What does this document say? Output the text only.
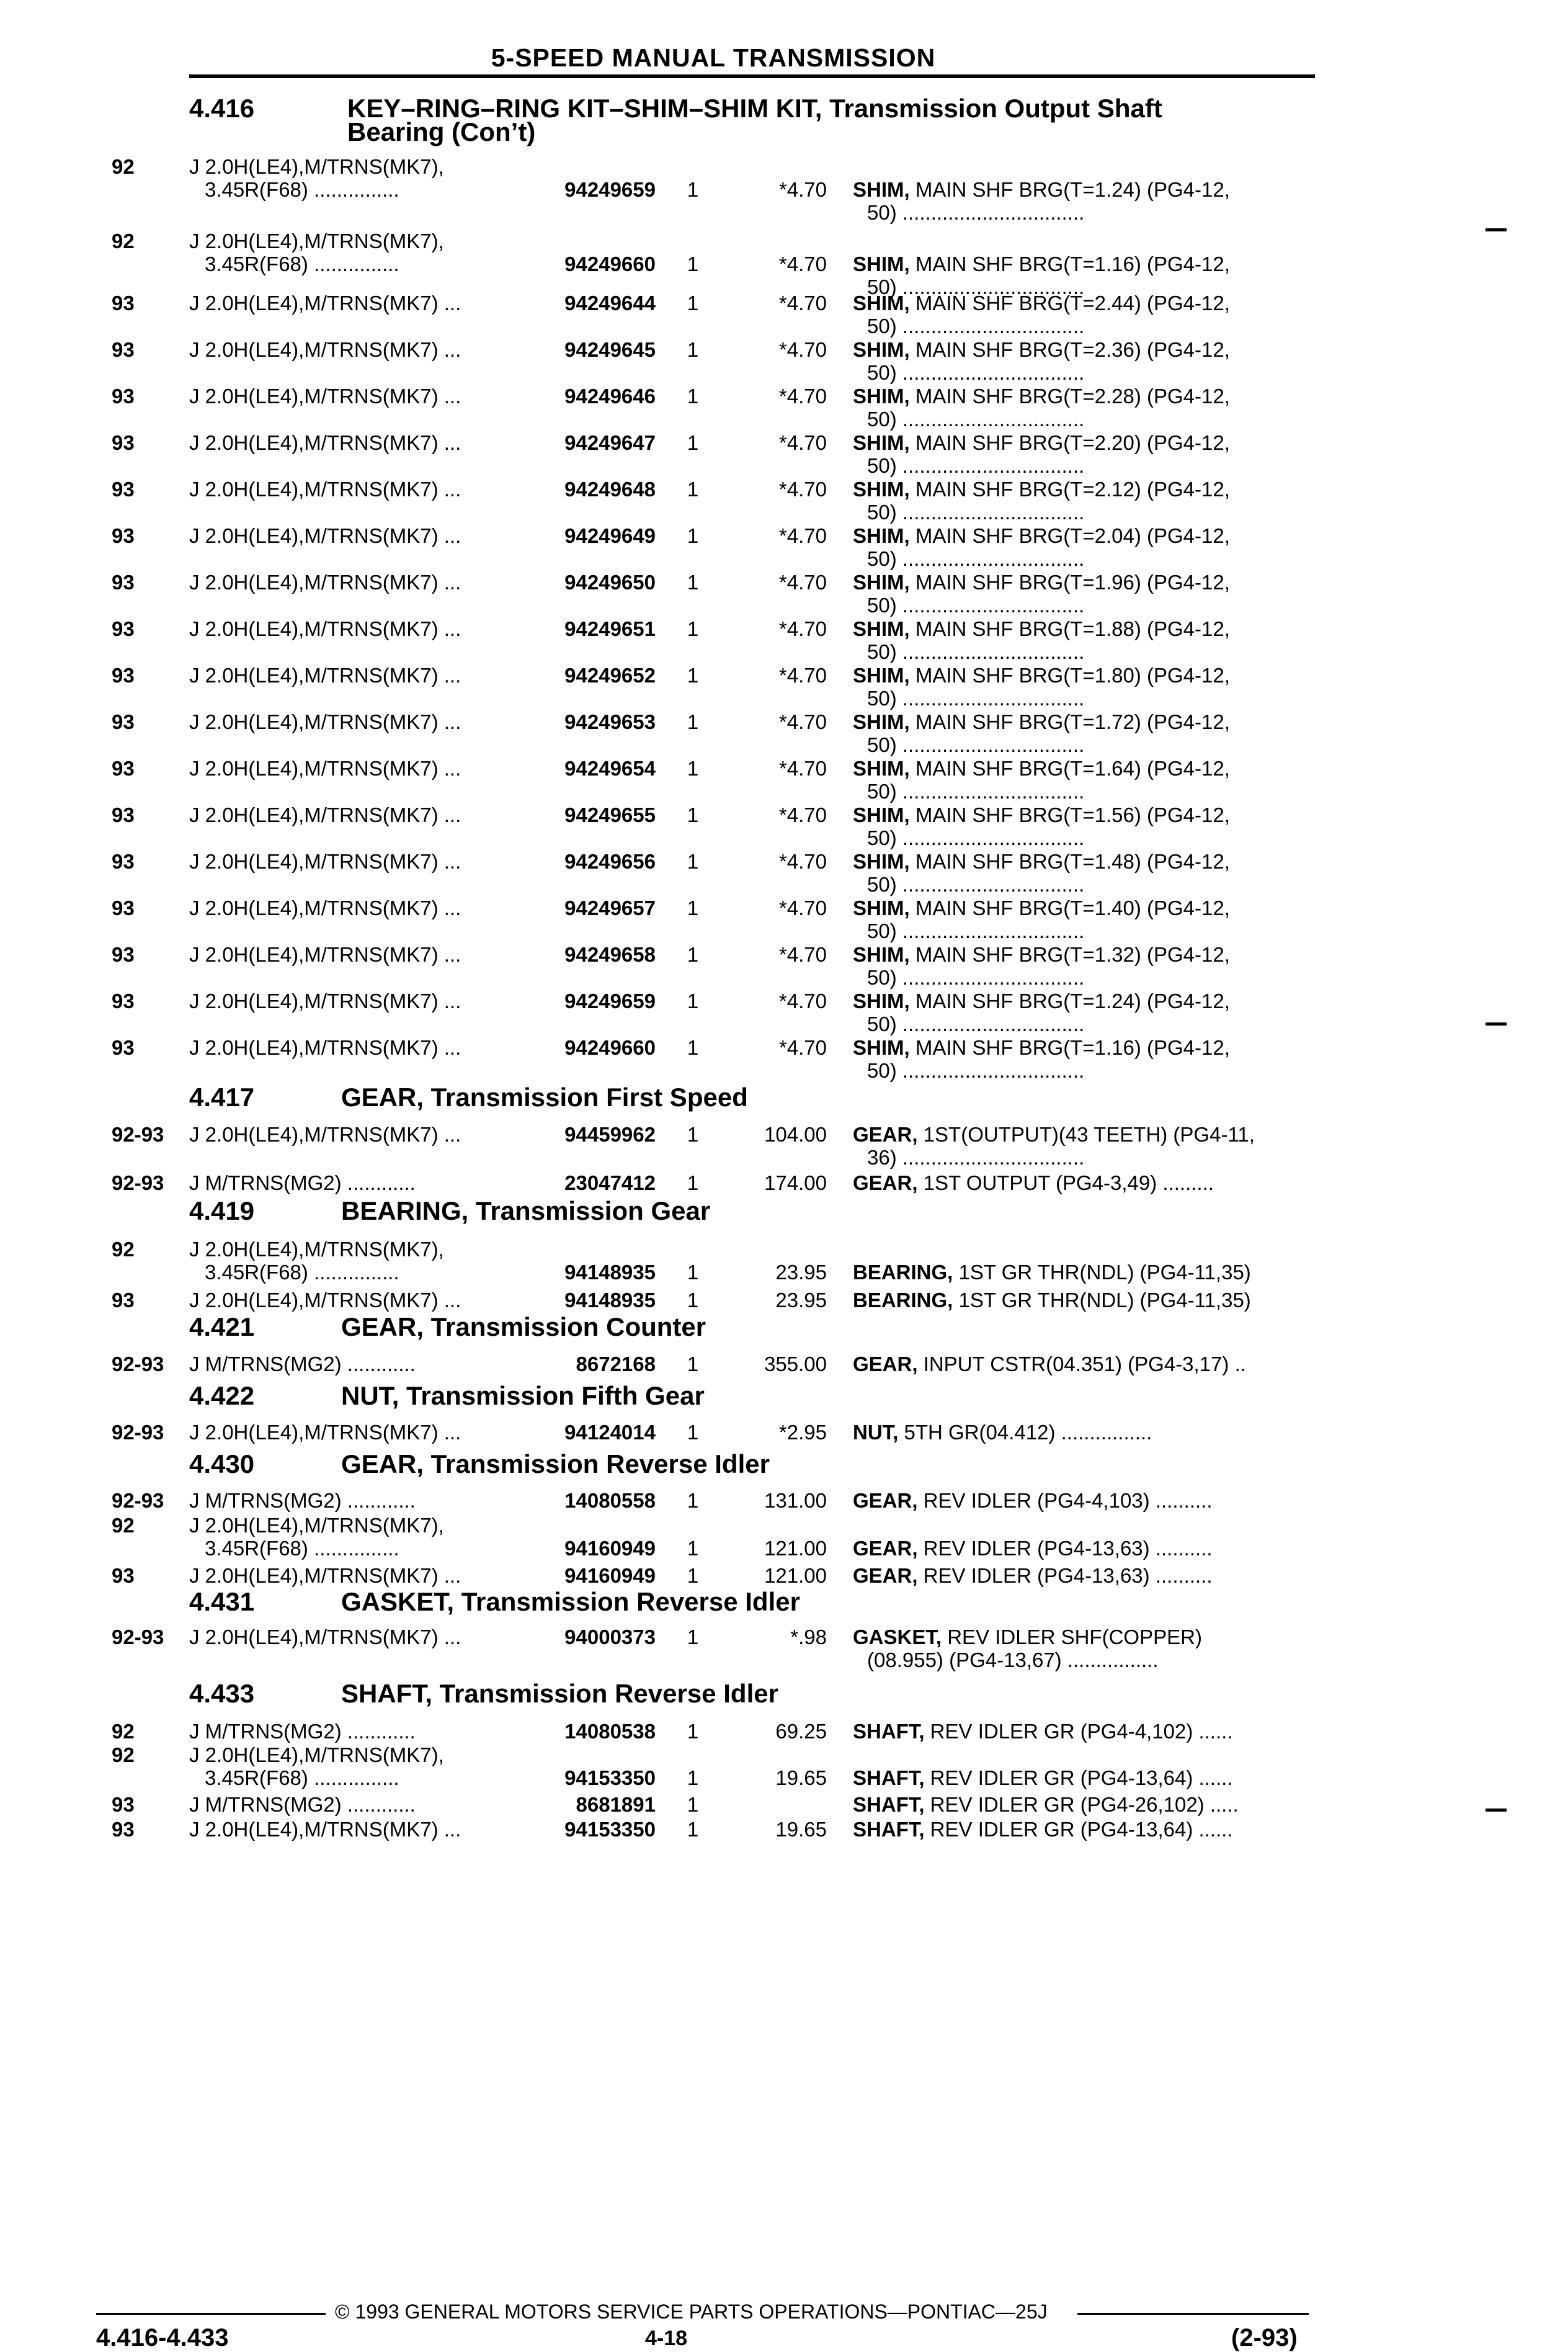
5-SPEED MANUAL TRANSMISSION
4.416	KEY–RING–RING KIT–SHIM–SHIM KIT, Transmission Output Shaft
Bearing (Con’t)
92	J 2.0H(LE4),M/TRNS(MK7),
3.45R(F68) ...............	94249659 1	*4.70 SHIM, MAIN SHF BRG(T=1.24) (PG4-12,
50) ................................
92	J 2.0H(LE4),M/TRNS(MK7),
3.45R(F68) ...............	94249660 1	*4.70 SHIM, MAIN SHF BRG(T=1.16) (PG4-12,
50) ................................
93	J 2.0H(LE4),M/TRNS(MK7) ...	94249644 1	*4.70 SHIM, MAIN SHF BRG(T=2.44) (PG4-12,
50) ................................
93	J 2.0H(LE4),M/TRNS(MK7) ...	94249645 1	*4.70 SHIM, MAIN SHF BRG(T=2.36) (PG4-12,
50) ................................
93	J 2.0H(LE4),M/TRNS(MK7) ...	94249646 1	*4.70 SHIM, MAIN SHF BRG(T=2.28) (PG4-12,
50) ................................
93	J 2.0H(LE4),M/TRNS(MK7) ...	94249647 1	*4.70 SHIM, MAIN SHF BRG(T=2.20) (PG4-12,
50) ................................
93	J 2.0H(LE4),M/TRNS(MK7) ...	94249648 1	*4.70 SHIM, MAIN SHF BRG(T=2.12) (PG4-12,
50) ................................
93	J 2.0H(LE4),M/TRNS(MK7) ...	94249649 1	*4.70 SHIM, MAIN SHF BRG(T=2.04) (PG4-12,
50) ................................
93	J 2.0H(LE4),M/TRNS(MK7) ...	94249650 1	*4.70 SHIM, MAIN SHF BRG(T=1.96) (PG4-12,
50) ................................
93	J 2.0H(LE4),M/TRNS(MK7) ...	94249651 1	*4.70 SHIM, MAIN SHF BRG(T=1.88) (PG4-12,
50) ................................
93	J 2.0H(LE4),M/TRNS(MK7) ...	94249652 1	*4.70 SHIM, MAIN SHF BRG(T=1.80) (PG4-12,
50) ................................
93	J 2.0H(LE4),M/TRNS(MK7) ...	94249653 1	*4.70 SHIM, MAIN SHF BRG(T=1.72) (PG4-12,
50) ................................
93	J 2.0H(LE4),M/TRNS(MK7) ...	94249654 1	*4.70 SHIM, MAIN SHF BRG(T=1.64) (PG4-12,
50) ................................
93	J 2.0H(LE4),M/TRNS(MK7) ...	94249655 1	*4.70 SHIM, MAIN SHF BRG(T=1.56) (PG4-12,
50) ................................
93	J 2.0H(LE4),M/TRNS(MK7) ...	94249656 1	*4.70 SHIM, MAIN SHF BRG(T=1.48) (PG4-12,
50) ................................
93	J 2.0H(LE4),M/TRNS(MK7) ...	94249657 1	*4.70 SHIM, MAIN SHF BRG(T=1.40) (PG4-12,
50) ................................
93	J 2.0H(LE4),M/TRNS(MK7) ...	94249658 1	*4.70 SHIM, MAIN SHF BRG(T=1.32) (PG4-12,
50) ................................
93	J 2.0H(LE4),M/TRNS(MK7) ...	94249659 1	*4.70 SHIM, MAIN SHF BRG(T=1.24) (PG4-12,
50) ................................
93	J 2.0H(LE4),M/TRNS(MK7) ...	94249660 1	*4.70 SHIM, MAIN SHF BRG(T=1.16) (PG4-12,
50) ................................
92-93 J 2.0H(LE4),M/TRNS(MK7) ...	94459962 1	104.00 GEAR, 1ST(OUTPUT)(43 TEETH) (PG4-11,
36) ................................
92-93 J M/TRNS(MG2) ............	23047412 1	174.00 GEAR, 1ST OUTPUT (PG4-3,49) .........
92	J 2.0H(LE4),M/TRNS(MK7),
3.45R(F68) ...............	94148935 1	23.95 BEARING, 1ST GR THR(NDL) (PG4-11,35)
93	J 2.0H(LE4),M/TRNS(MK7) ...	94148935 1	23.95 BEARING, 1ST GR THR(NDL) (PG4-11,35)
92-93 J M/TRNS(MG2) ............	8672168 1	355.00 GEAR, INPUT CSTR(04.351) (PG4-3,17) ..
92-93 J 2.0H(LE4),M/TRNS(MK7) ...	94124014 1	*2.95 NUT, 5TH GR(04.412) ................
92-93 J M/TRNS(MG2) ............	14080558 1	131.00 GEAR, REV IDLER (PG4-4,103) ..........
92	J 2.0H(LE4),M/TRNS(MK7),
3.45R(F68) ...............	94160949 1	121.00 GEAR, REV IDLER (PG4-13,63) ..........
93	J 2.0H(LE4),M/TRNS(MK7) ...	94160949 1	121.00 GEAR, REV IDLER (PG4-13,63) ..........
92-93 J 2.0H(LE4),M/TRNS(MK7) ...	94000373 1	*.98 GASKET, REV IDLER SHF(COPPER)
(08.955) (PG4-13,67) ................
92	J M/TRNS(MG2) ............	14080538 1	69.25 SHAFT, REV IDLER GR (PG4-4,102) ......
92	J 2.0H(LE4),M/TRNS(MK7),
3.45R(F68) ...............	94153350 1	19.65 SHAFT, REV IDLER GR (PG4-13,64) ......
93	J M/TRNS(MG2) ............	8681891 1	SHAFT, REV IDLER GR (PG4-26,102) .....
93	J 2.0H(LE4),M/TRNS(MK7) ...	94153350 1	19.65 SHAFT, REV IDLER GR (PG4-13,64) ......
4.417	GEAR, Transmission First Speed
4.419	BEARING, Transmission Gear
4.421	GEAR, Transmission Counter
4.422	NUT, Transmission Fifth Gear
4.430	GEAR, Transmission Reverse Idler
4.431	GASKET, Transmission Reverse Idler
4.433	SHAFT, Transmission Reverse Idler
© 1993 GENERAL MOTORS SERVICE PARTS OPERATIONS—PONTIAC—25J
4.416-4.433	4-18	(2-93)
